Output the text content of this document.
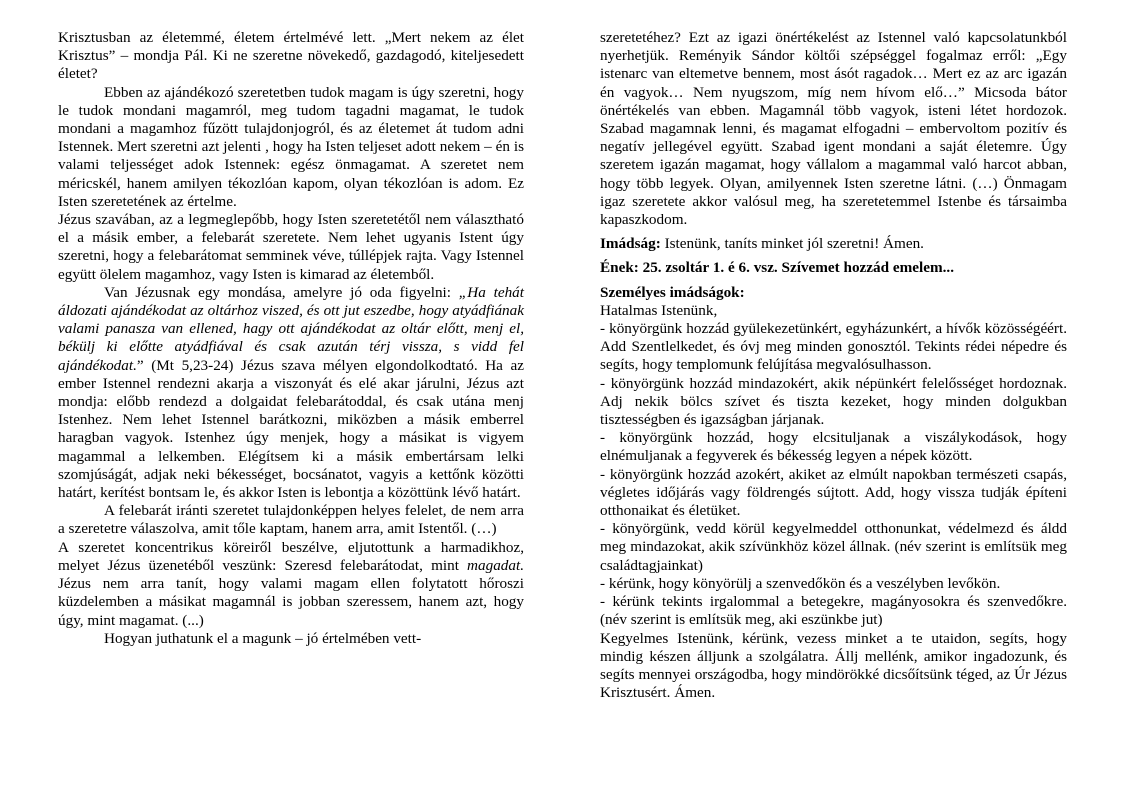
Krisztusban az életemmé, életem értelmévé lett. „Mert nekem az élet Krisztus” – mondja Pál. Ki ne szeretne növekedő, gazdagodó, kiteljesedett életet?

Ebben az ajándékozó szeretetben tudok magam is úgy szeretni, hogy le tudok mondani magamról, meg tudom tagadni magamat, le tudok mondani a magamhoz fűzött tulajdonjogról, és az életemet át tudom adni Istennek. Mert szeretni azt jelenti , hogy ha Isten teljeset adott nekem – én is valami teljességet adok Istennek: egész önmagamat. A szeretet nem méricskél, hanem amilyen tékozlóan kapom, olyan tékozlóan is adom. Ez Isten szeretetének az értelme.

Jézus szavában, az a legmeglepőbb, hogy Isten szeretetétől nem választható el a másik ember, a felebarát szeretete. Nem lehet ugyanis Istent úgy szeretni, hogy a felebarátomat semminek véve, túllépjek rajta. Vagy Istennel együtt ölelem magamhoz, vagy Isten is kimarad az életemből.

Van Jézusnak egy mondása, amelyre jó oda figyelni: „Ha tehát áldozati ajándékodat az oltárhoz viszed, és ott jut eszedbe, hogy atyádfiának valami panasza van ellened, hagy ott ajándékodat az oltár előtt, menj el, békülj ki előtte atyádfiával és csak azután térj vissza, s vidd fel ajándékodat.” (Mt 5,23-24) Jézus szava mélyen elgondolkodtató. Ha az ember Istennel rendezni akarja a viszonyát és elé akar járulni, Jézus azt mondja: előbb rendezd a dolgaidat felebarátoddal, és csak utána menj Istenhez. Nem lehet Istennel barátkozni, miközben a másik emberrel haragban vagyok. Istenhez úgy menjek, hogy a másikat is vigyem magammal a lelkemben. Elégítsem ki a másik embertársam lelki szomjúságát, adjak neki békességet, bocsánatot, vagyis a kettőnk közötti határt, kerítést bontsam le, és akkor Isten is lebontja a közöttünk lévő határt.

A felebarát iránti szeretet tulajdonképpen helyes felelet, de nem arra a szeretetre válaszolva, amit tőle kaptam, hanem arra, amit Istentől. (…)

A szeretet koncentrikus köreiről beszélve, eljutottunk a harmadikhoz, melyet Jézus üzenetéből veszünk: Szeresd felebarátodat, mint magadat. Jézus nem arra tanít, hogy valami magam ellen folytatott hőroszi küzdelemben a másikat magamnál is jobban szeressem, hanem azt, hogy úgy, mint magamat. (...)

Hogyan juthatunk el a magunk – jó értelmében vett-

szeretetéhez? Ezt az igazi önértékelést az Istennel való kapcsolatunkból nyerhetjük. Reményik Sándor költői szépséggel fogalmaz erről: „Egy istenarc van eltemetve bennem, most ásót ragadok… Mert ez az arc igazán én vagyok… Nem nyugszom, míg nem hívom elő…” Micsoda bátor önértékelés van ebben. Magamnál több vagyok, isteni létet hordozok. Szabad magamnak lenni, és magamat elfogadni – embervoltom pozitív és negatív jellegével együtt. Szabad igent mondani a saját életemre. Úgy szeretem igazán magamat, hogy vállalom a magammal való harcot abban, hogy több legyek. Olyan, amilyennek Isten szeretne látni. (…) Önmagam igaz szeretete akkor valósul meg, ha szeretetemmel Istenbe és társaimba kapaszkodom.

Imádság: Istenünk, taníts minket jól szeretni! Ámen.

Ének: 25. zsoltár 1. é 6. vsz. Szívemet hozzád emelem...

Személyes imádságok:

Hatalmas Istenünk,

- könyörgünk hozzád gyülekezetünkért, egyházunkért, a hívők közösségéért. Add Szentlelkedet, és óvj meg minden gonosztól. Tekints rédei népedre és segíts, hogy templomunk felújítása megvalósulhasson.

- könyörgünk hozzád mindazokért, akik népünkért felelősséget hordoznak. Adj nekik bölcs szívet és tiszta kezeket, hogy minden dolgukban tisztességben és igazságban járjanak.

- könyörgünk hozzád, hogy elcsituljanak a viszálykodások, hogy elnémuljanak a fegyverek és békesség legyen a népek között.

- könyörgünk hozzád azokért, akiket az elmúlt napokban természeti csapás, végletes időjárás vagy földrengés sújtott. Add, hogy vissza tudják építeni otthonaikat és életüket.

- könyörgünk, vedd körül kegyelmeddel otthonunkat, védelmezd és áldd meg mindazokat, akik szívünkhöz közel állnak. (név szerint is említsük meg családtagjainkat)

- kérünk, hogy könyörülj a szenvedőkön és a veszélyben levőkön.

- kérünk tekints irgalommal a betegekre, magányosokra és szenvedőkre. (név szerint is említsük meg, aki eszünkbe jut)

Kegyelmes Istenünk, kérünk, vezess minket a te utaidon, segíts, hogy mindig készen álljunk a szolgálatra. Állj mellénk, amikor ingadozunk, és segíts mennyei országodba, hogy mindörökké dicsőítsünk téged, az Úr Jézus Krisztusért. Ámen.
